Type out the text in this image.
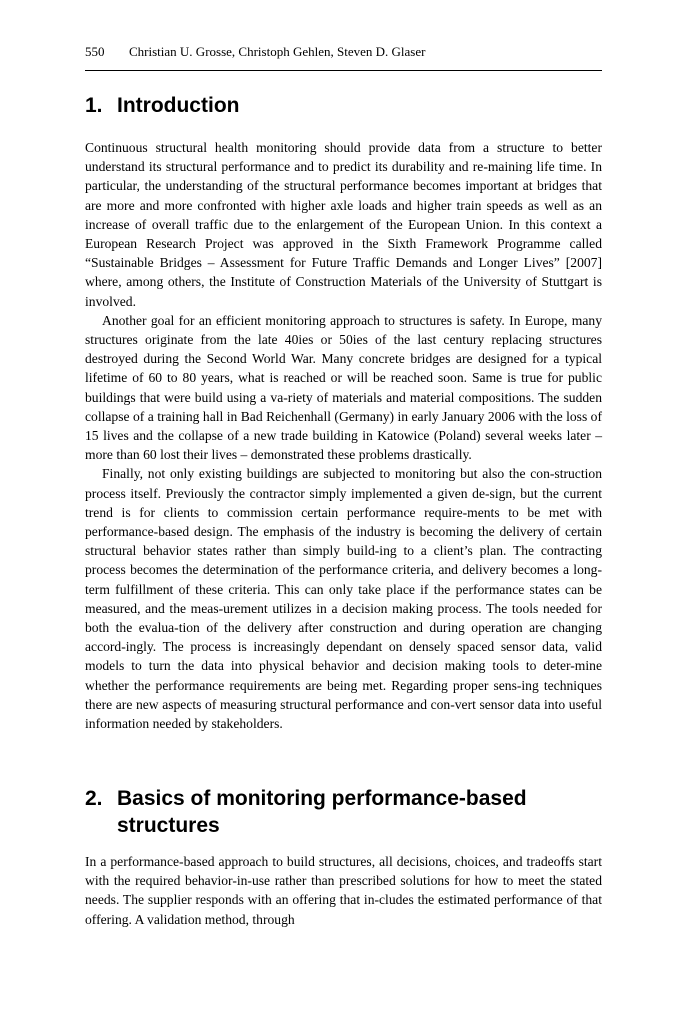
550 Christian U. Grosse, Christoph Gehlen, Steven D. Glaser
1. Introduction

Continuous structural health monitoring should provide data from a structure to better understand its structural performance and to predict its durability and re-maining life time. In particular, the understanding of the structural performance becomes important at bridges that are more and more confronted with higher axle loads and higher train speeds as well as an increase of overall traffic due to the enlargement of the European Union. In this context a European Research Project was approved in the Sixth Framework Programme called “Sustainable Bridges – Assessment for Future Traffic Demands and Longer Lives” [2007] where, among others, the Institute of Construction Materials of the University of Stuttgart is involved.

Another goal for an efficient monitoring approach to structures is safety. In Europe, many structures originate from the late 40ies or 50ies of the last century replacing structures destroyed during the Second World War. Many concrete bridges are designed for a typical lifetime of 60 to 80 years, what is reached or will be reached soon. Same is true for public buildings that were build using a va-riety of materials and material compositions. The sudden collapse of a training hall in Bad Reichenhall (Germany) in early January 2006 with the loss of 15 lives and the collapse of a new trade building in Katowice (Poland) several weeks later – more than 60 lost their lives – demonstrated these problems drastically.

Finally, not only existing buildings are subjected to monitoring but also the con-struction process itself. Previously the contractor simply implemented a given de-sign, but the current trend is for clients to commission certain performance require-ments to be met with performance-based design. The emphasis of the industry is becoming the delivery of certain structural behavior states rather than simply build-ing to a client’s plan. The contracting process becomes the determination of the performance criteria, and delivery becomes a long-term fulfillment of these criteria. This can only take place if the performance states can be measured, and the meas-urement utilizes in a decision making process. The tools needed for both the evalua-tion of the delivery after construction and during operation are changing accord-ingly. The process is increasingly dependant on densely spaced sensor data, valid models to turn the data into physical behavior and decision making tools to deter-mine whether the performance requirements are being met. Regarding proper sens-ing techniques there are new aspects of measuring structural performance and con-vert sensor data into useful information needed by stakeholders.

2. Basics of monitoring performance-based
structures

In a performance-based approach to build structures, all decisions, choices, and tradeoffs start with the required behavior-in-use rather than prescribed solutions for how to meet the stated needs. The supplier responds with an offering that in-cludes the estimated performance of that offering. A validation method, through
